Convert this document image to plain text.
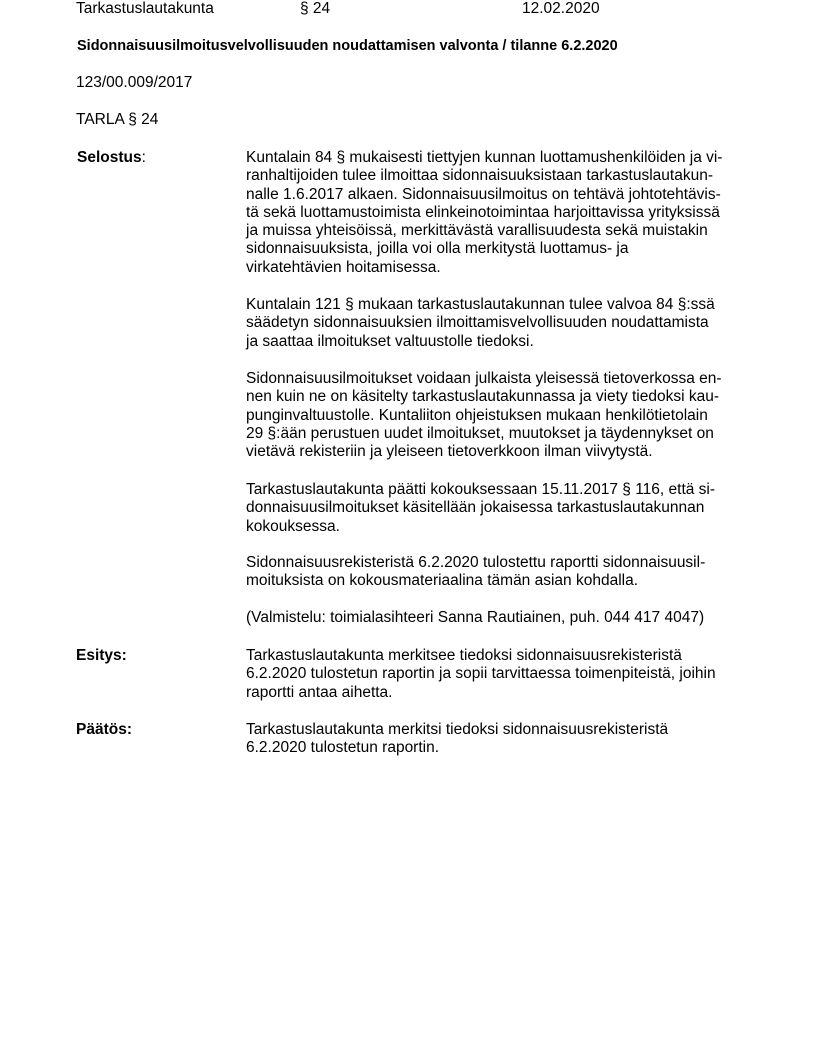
Tarkastuslautakunta	§ 24	12.02.2020
Sidonnaisuusilmoitusvelvollisuuden noudattamisen valvonta / tilanne 6.2.2020
123/00.009/2017
TARLA § 24
Selostus:	Kuntalain 84 § mukaisesti tiettyjen kunnan luottamushenkilöiden ja vi-
ranhaltijoiden tulee ilmoittaa sidonnaisuuksistaan tarkastuslautakun-
nalle 1.6.2017 alkaen. Sidonnaisuusilmoitus on tehtävä johtotehtävis-
tä sekä luottamustoimista elinkeinotoimintaa harjoittavissa yrityksissä
ja muissa yhteisöissä, merkittävästä varallisuudesta sekä muistakin
sidonnaisuuksista, joilla voi olla merkitystä luottamus- ja
virkatehtävien hoitamisessa.
Kuntalain 121 § mukaan tarkastuslautakunnan tulee valvoa 84 §:ssä
säädetyn sidonnaisuuksien ilmoittamisvelvollisuuden noudattamista
ja saattaa ilmoitukset valtuustolle tiedoksi.
Sidonnaisuusilmoitukset voidaan julkaista yleisessä tietoverkossa en-
nen kuin ne on käsitelty tarkastuslautakunnassa ja viety tiedoksi kau-
punginvaltuustolle. Kuntaliiton ohjeistuksen mukaan henkilötietolain
29 §:ään perustuen uudet ilmoitukset, muutokset ja täydennykset on
vietävä rekisteriin ja yleiseen tietoverkkoon ilman viivytystä.
Tarkastuslautakunta päätti kokouksessaan 15.11.2017 § 116, että si-
donnaisuusilmoitukset käsitellään jokaisessa tarkastuslautakunnan
kokouksessa.
Sidonnaisuusrekisteristä 6.2.2020 tulostettu raportti sidonnaisuusil-
moituksista on kokousmateriaalina tämän asian kohdalla.
(Valmistelu: toimialasihteeri Sanna Rautiainen, puh. 044 417 4047)
Esitys:	Tarkastuslautakunta merkitsee tiedoksi sidonnaisuusrekisteristä
6.2.2020 tulostetun raportin ja sopii tarvittaessa toimenpiteistä, joihin
raportti antaa aihetta.
Päätös:	Tarkastuslautakunta merkitsi tiedoksi sidonnaisuusrekisteristä
6.2.2020 tulostetun raportin.
